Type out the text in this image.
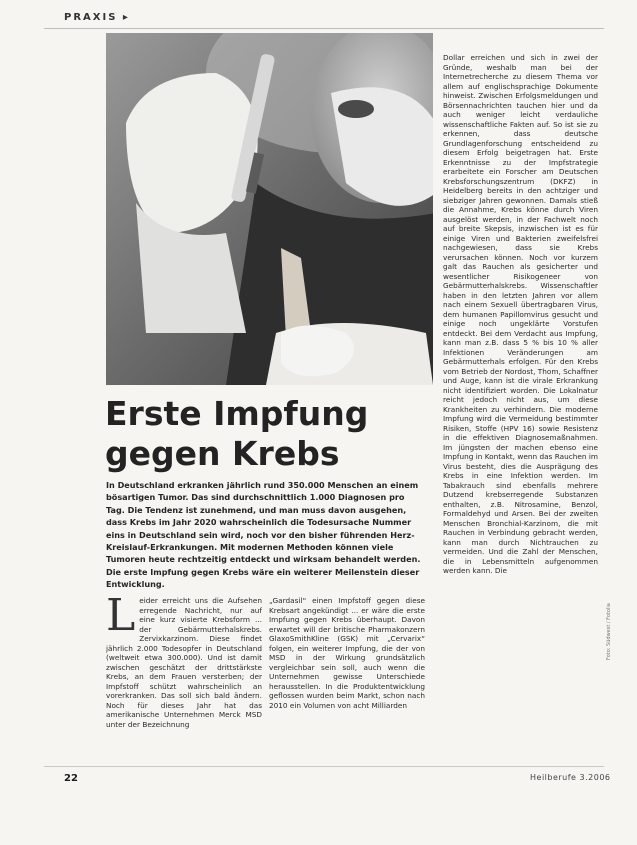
PRAXIS ▸
Erste Impfung
gegen Krebs
In Deutschland erkranken jährlich rund 350.000 Menschen an einem bösartigen Tumor. Das sind durchschnittlich 1.000 Diagnosen pro Tag. Die Tendenz ist zunehmend, und man muss davon ausgehen, dass Krebs im Jahr 2020 wahrscheinlich die Todesursache Nummer eins in Deutschland sein wird, noch vor den bisher führenden Herz-Kreislauf-Erkrankungen. Mit modernen Methoden können viele Tumoren heute rechtzeitig entdeckt und wirksam behandelt werden. Die erste Impfung gegen Krebs wäre ein weiterer Meilenstein dieser Entwicklung.
L eider erreicht uns die Aufsehen erregende Nachricht, nur auf eine kurz visierte Krebsform ... der Gebärmutterhalskrebs. Zervixkarzinom. Diese findet jährlich 2.000 Todesopfer in Deutschland (weltweit etwa 300.000). Und ist damit zwischen geschätzt der drittstärkste Krebs, an dem Frauen versterben; der Impfstoff schützt wahrscheinlich an vorerkranken. Das soll sich bald ändern. Noch für dieses Jahr hat das amerikanische Unternehmen Merck MSD unter der Bezeichnung
„Gardasil“ einen Impfstoff gegen diese Krebsart angekündigt ... er wäre die erste Impfung gegen Krebs überhaupt. Davon erwartet will der britische Pharmakonzern GlaxoSmithKline (GSK) mit „Cervarix“ folgen, ein weiterer Impfung, die der von MSD in der Wirkung grundsätzlich vergleichbar sein soll, auch wenn die Unternehmen gewisse Unterschiede herausstellen. In die Produktentwicklung geflossen wurden beim Markt, schon nach 2010 ein Volumen von acht Milliarden
Dollar erreichen und sich in zwei der Gründe, weshalb man bei der Internetrecherche zu diesem Thema vor allem auf englischsprachige Dokumente hinweist. Zwischen Erfolgsmeldungen und Börsennachrichten tauchen hier und da auch weniger leicht verdauliche wissenschaftliche Fakten auf. So ist sie zu erkennen, dass deutsche Grundlagenforschung entscheidend zu diesem Erfolg beigetragen hat. Erste Erkenntnisse zu der Impfstrategie erarbeitete ein Forscher am Deutschen Krebsforschungszentrum (DKFZ) in Heidelberg bereits in den achtziger und siebziger Jahren gewonnen. Damals stieß die Annahme, Krebs könne durch Viren ausgelöst werden, in der Fachwelt noch auf breite Skepsis, inzwischen ist es für einige Viren und Bakterien zweifelsfrei nachgewiesen, dass sie Krebs verursachen können. Noch vor kurzem galt das Rauchen als gesicherter und wesentlicher Risikogeneer von Gebärmutterhalskrebs. Wissenschaftler haben in den letzten Jahren vor allem nach einem Sexuell übertragbaren Virus, dem humanen Papillomvirus gesucht und einige noch ungeklärte Vorstufen entdeckt. Bei dem Verdacht aus Impfung, kann man z.B. dass 5 % bis 10 % aller Infektionen Veränderungen am Gebärmutterhals erfolgen. Für den Krebs vom Betrieb der Nordost, Thom, Schaffner und Auge, kann ist die virale Erkrankung nicht identifiziert worden. Die Lokalnatur reicht jedoch nicht aus, um diese Krankheiten zu verhindern. Die moderne Impfung wird die Vermeidung bestimmter Risiken, Stoffe (HPV 16) sowie Resistenz in die effektiven Diagnosemaßnahmen. Im jüngsten der machen ebenso eine Impfung in Kontakt, wenn das Rauchen im Virus besteht, dies die Ausprägung des Krebs in eine Infektion werden. Im Tabakrauch sind ebenfalls mehrere Dutzend krebserregende Substanzen enthalten, z.B. Nitrosamine, Benzol, Formaldehyd und Arsen. Bei der zweiten Menschen Bronchial-Karzinom, die mit Rauchen in Verbindung gebracht werden, kann man durch Nichtrauchen zu vermeiden. Und die Zahl der Menschen, die in Lebensmitteln aufgenommen werden kann. Die
22	Heilberufe 3.2006
Foto: Südwest / Fotolia
